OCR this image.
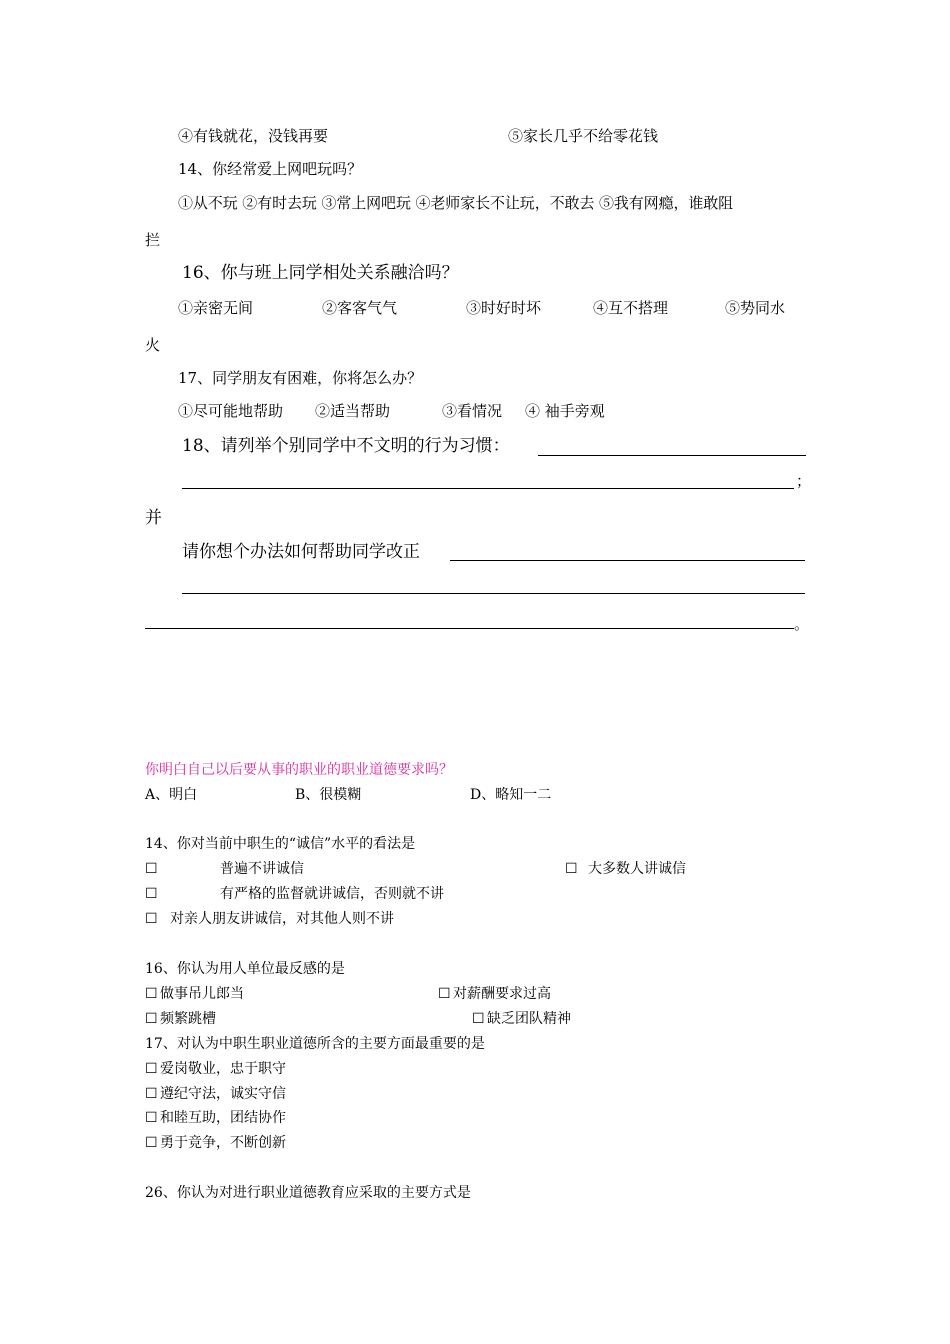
④有钱就花，没钱再要	⑤家长几乎不给零花钱
14、你经常爱上网吧玩吗？
①从不玩 ②有时去玩 ③常上网吧玩 ④老师家长不让玩，不敢去 ⑤我有网瘾，谁敢阻
拦
16、你与班上同学相处关系融洽吗？
①亲密无间	②客客气气	③时好时坏	④互不搭理	⑤势同水
火
17、同学朋友有困难，你将怎么办？
①尽可能地帮助 ②适当帮助	③看情况 ④ 袖手旁观
18、请列举个别同学中不文明的行为习惯：
；
并
请你想个办法如何帮助同学改正
。
你明白自己以后要从事的职业的职业道德要求吗？
A、明白	B、很模糊	D、略知一二
14、你对当前中职生的“诚信”水平的看法是
☐	普遍不讲诚信	☐ 大多数人讲诚信
☐	有严格的监督就讲诚信，否则就不讲
☐ 对亲人朋友讲诚信，对其他人则不讲
16、你认为用人单位最反感的是
☐ 做事吊儿郎当	☐ 对薪酬要求过高
☐ 频繁跳槽	☐ 缺乏团队精神
17、对认为中职生职业道德所含的主要方面最重要的是
☐ 爱岗敬业，忠于职守
☐ 遵纪守法，诚实守信
☐ 和睦互助，团结协作
☐ 勇于竞争，不断创新
26、你认为对进行职业道德教育应采取的主要方式是
